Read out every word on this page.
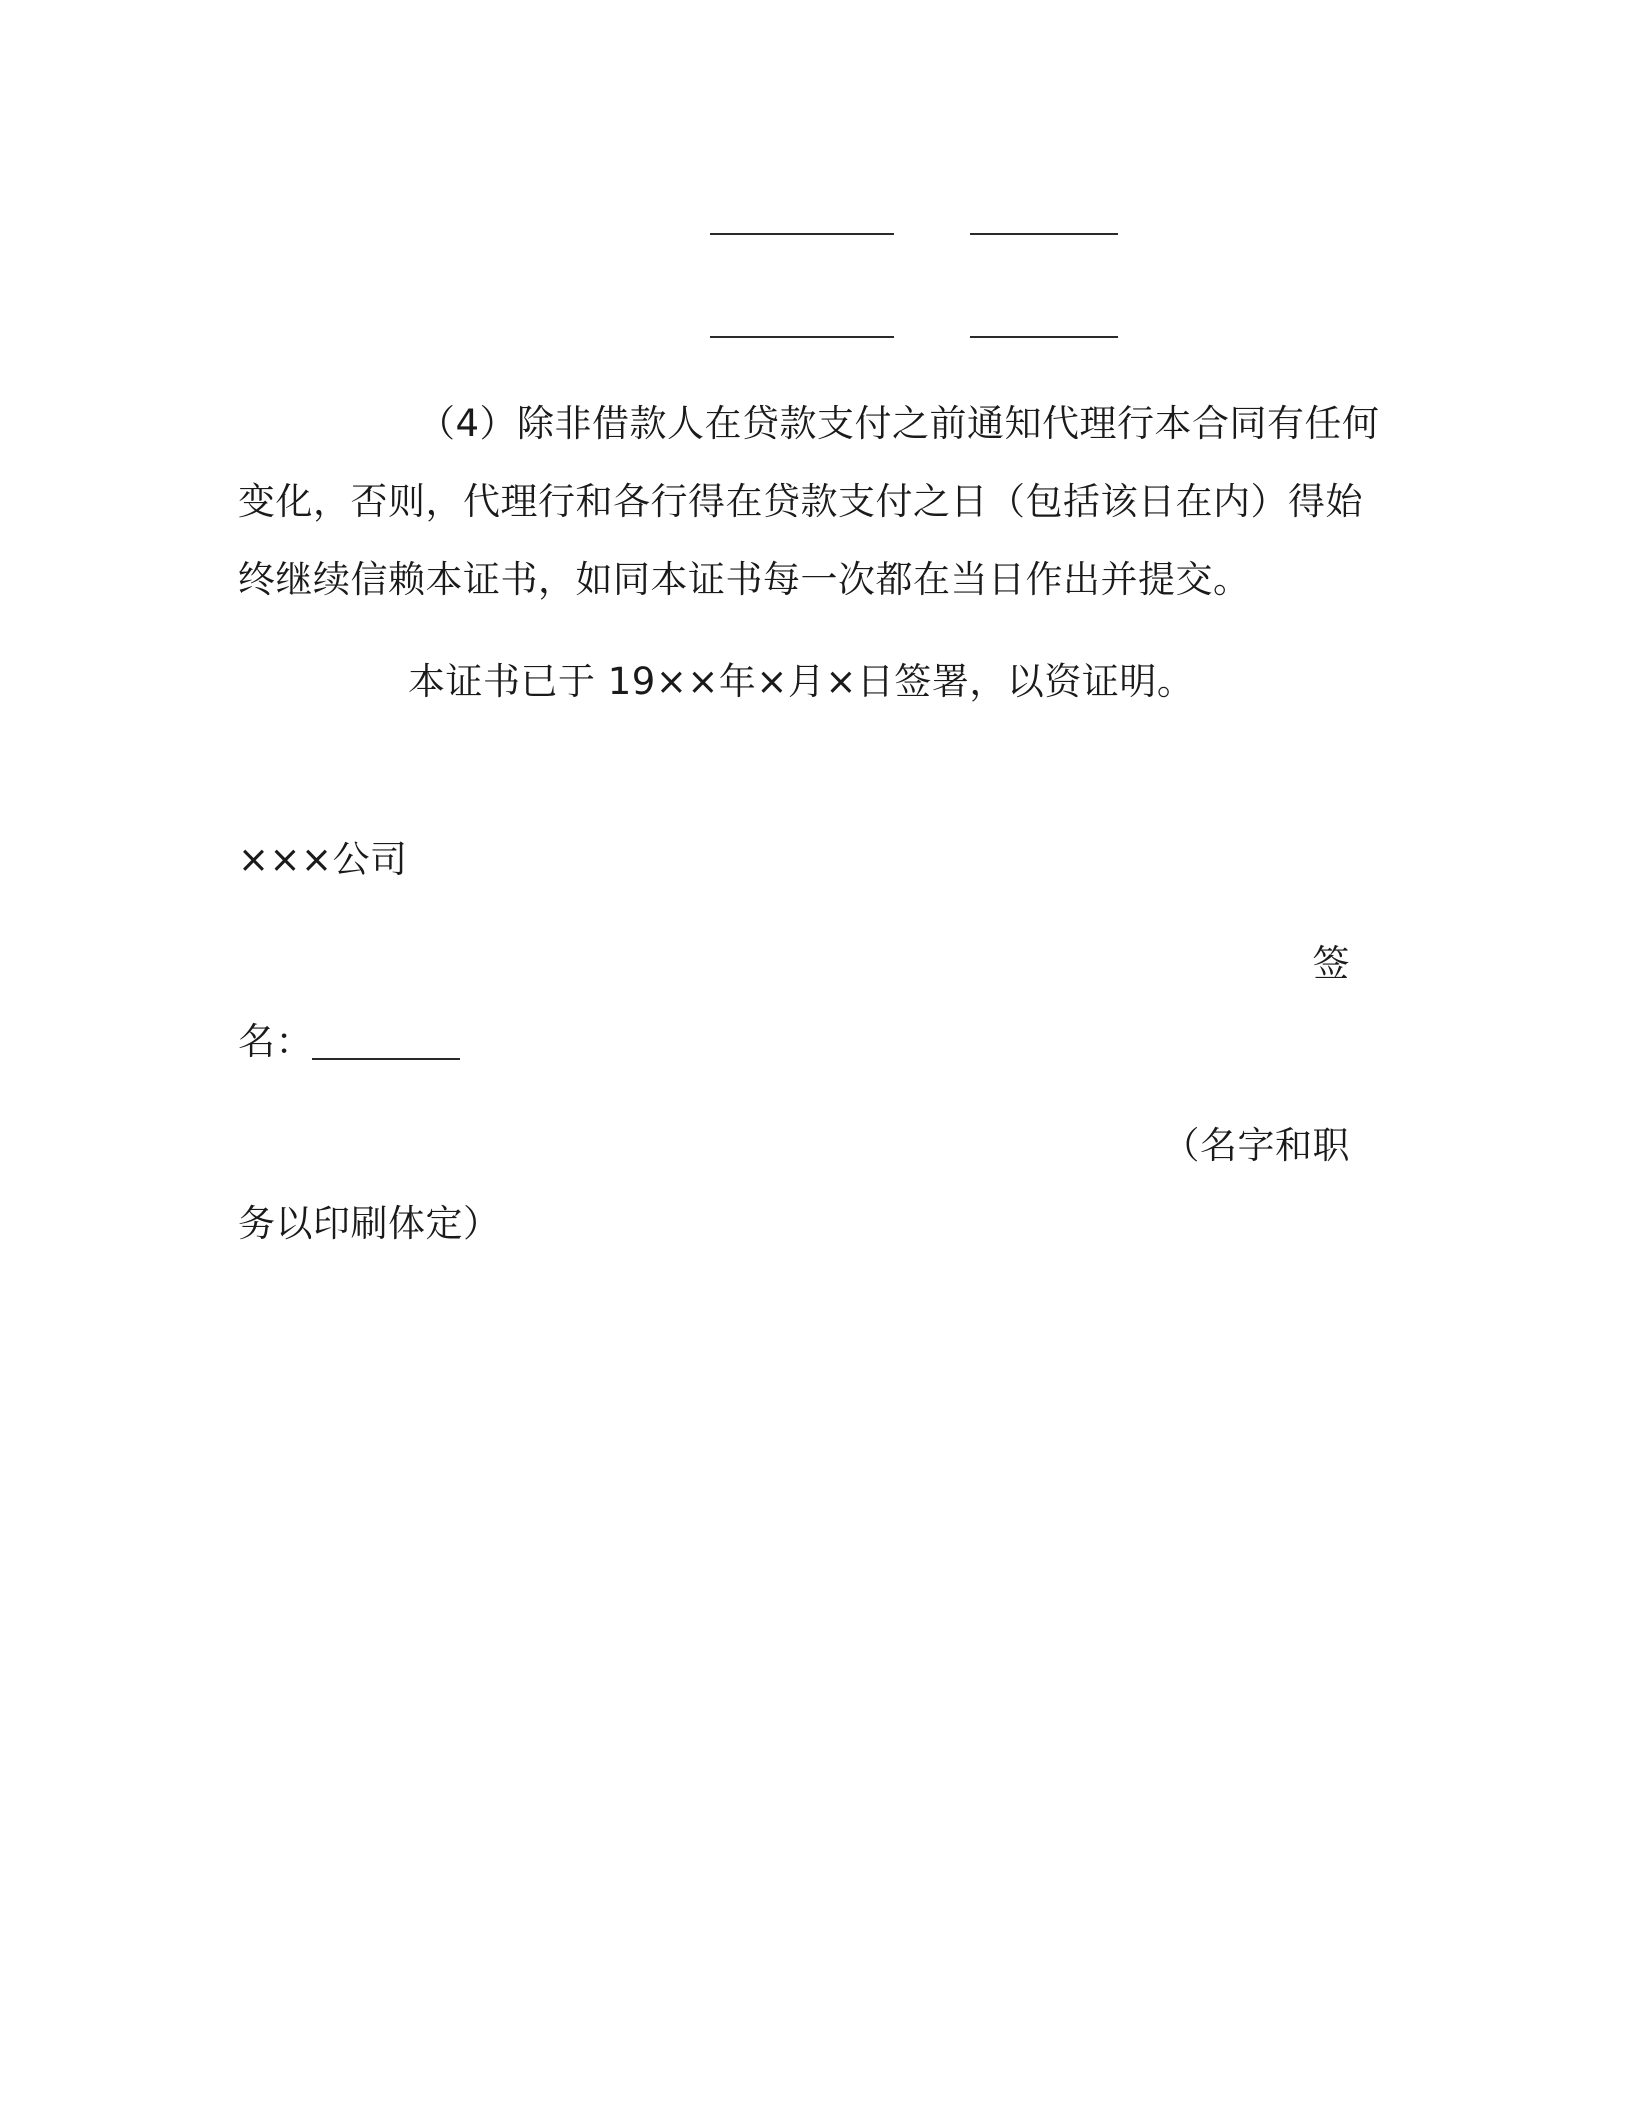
（4）除非借款人在贷款支付之前通知代理行本合同有任何
变化，否则，代理行和各行得在贷款支付之日（包括该日在内）得始
终继续信赖本证书，如同本证书每一次都在当日作出并提交。
本证书已于 19××年×月×日签署，以资证明。
×××公司
签
名：
（名字和职
务以印刷体定）
